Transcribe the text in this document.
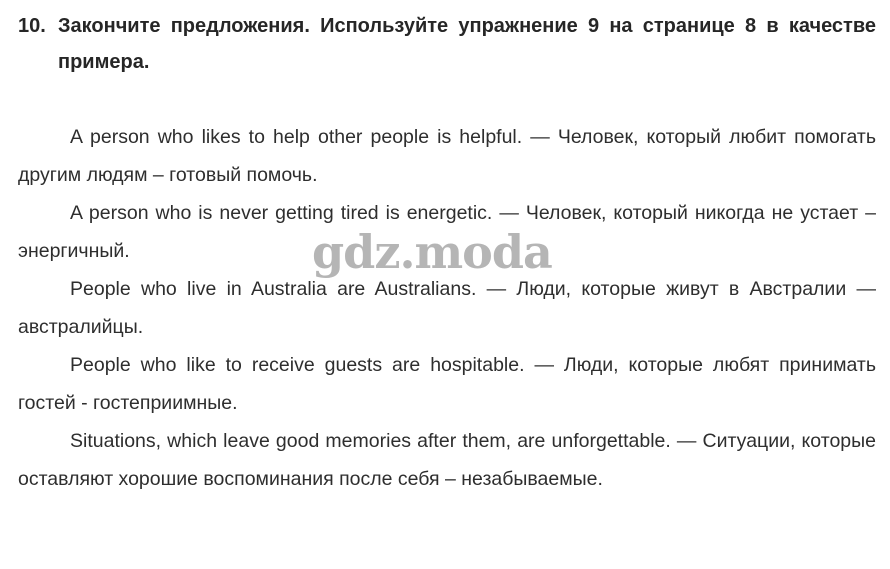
10. Закончите предложения. Используйте упражнение 9 на странице 8 в качестве примера.

A person who likes to help other people is helpful. — Человек, который любит помогать другим людям – готовый помочь.

A person who is never getting tired is energetic. — Человек, который никогда не устает – энергичный.

People who live in Australia are Australians. — Люди, которые живут в Австралии — австралийцы.

People who like to receive guests are hospitable. — Люди, которые любят принимать гостей - гостеприимные.

Situations, which leave good memories after them, are unforgettable. — Ситуации, которые оставляют хорошие воспоминания после себя – незабываемые.

gdz.moda
